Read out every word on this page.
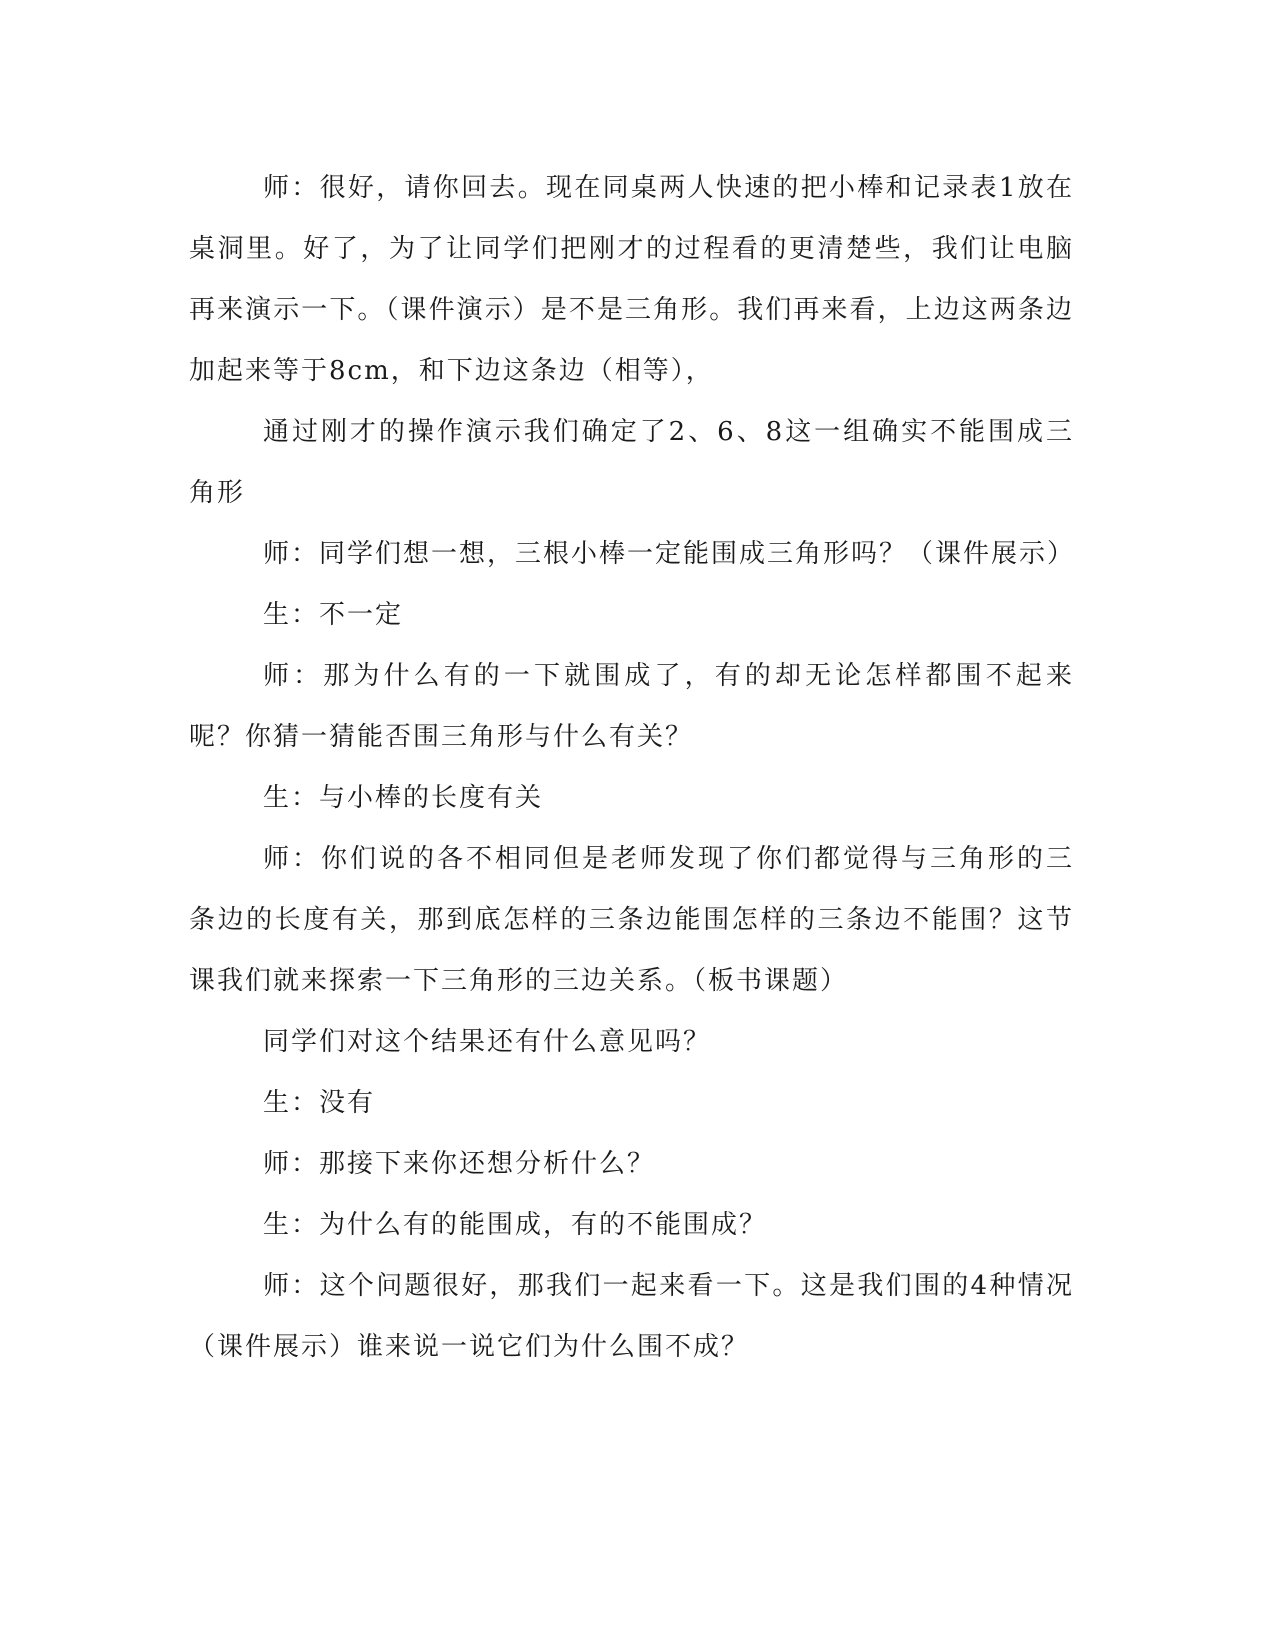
师：很好，请你回去。现在同桌两人快速的把小棒和记录表1放在桌洞里。好了，为了让同学们把刚才的过程看的更清楚些，我们让电脑再来演示一下。（课件演示）是不是三角形。我们再来看，上边这两条边加起来等于8cm，和下边这条边（相等），

通过刚才的操作演示我们确定了2、6、8这一组确实不能围成三角形

师：同学们想一想，三根小棒一定能围成三角形吗？（课件展示）

生：不一定

师：那为什么有的一下就围成了，有的却无论怎样都围不起来呢？你猜一猜能否围三角形与什么有关？

生：与小棒的长度有关

师：你们说的各不相同但是老师发现了你们都觉得与三角形的三条边的长度有关，那到底怎样的三条边能围怎样的三条边不能围？这节课我们就来探索一下三角形的三边关系。（板书课题）

同学们对这个结果还有什么意见吗？

生：没有

师：那接下来你还想分析什么？

生：为什么有的能围成，有的不能围成？

师：这个问题很好，那我们一起来看一下。这是我们围的4种情况（课件展示）谁来说一说它们为什么围不成？
